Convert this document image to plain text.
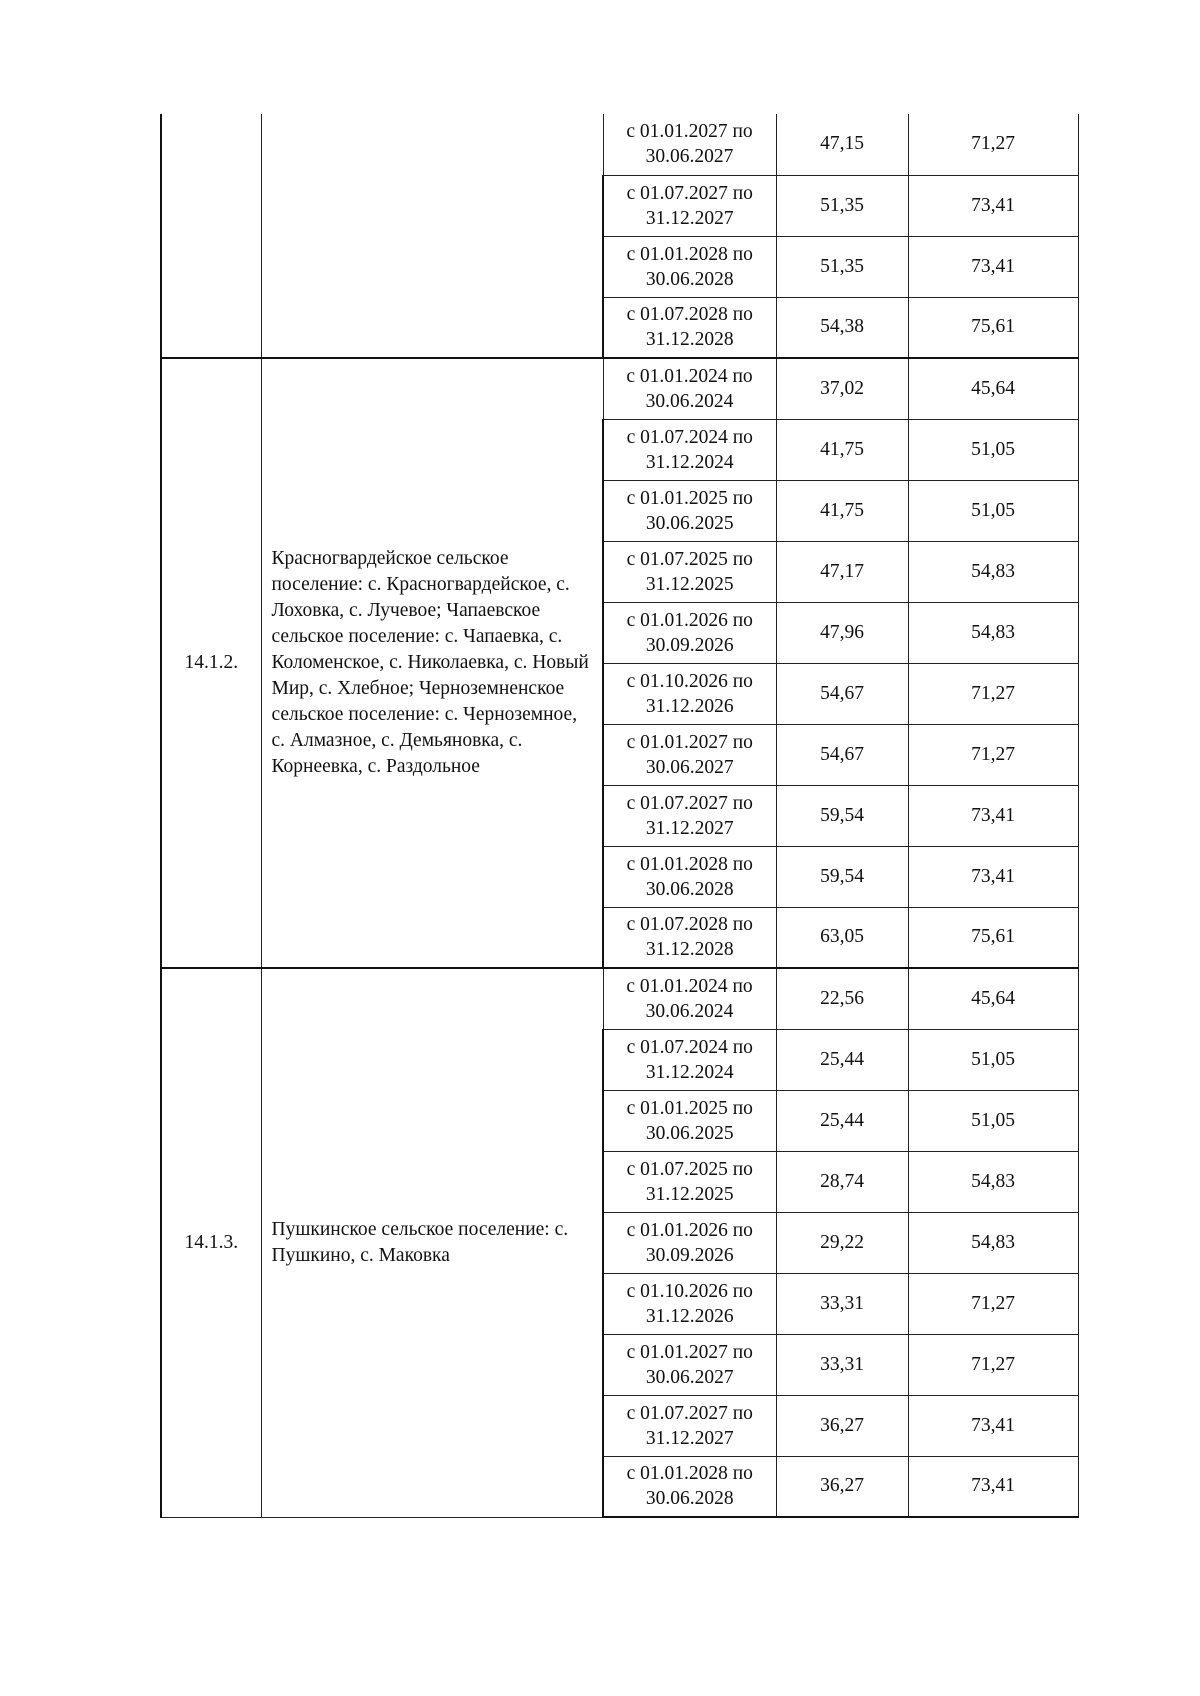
		с 01.01.2027 по 30.06.2027	47,15	71,27
		с 01.07.2027 по 31.12.2027	51,35	73,41
		с 01.01.2028 по 30.06.2028	51,35	73,41
		с 01.07.2028 по 31.12.2028	54,38	75,61
14.1.2.	Красногвардейское сельское поселение: с. Красногвардейское, с. Лоховка, с. Лучевое; Чапаевское сельское поселение: с. Чапаевка, с. Коломенское, с. Николаевка, с. Новый Мир, с. Хлебное; Черноземненское сельское поселение: с. Черноземное, с. Алмазное, с. Демьяновка, с. Корнеевка, с. Раздольное	с 01.01.2024 по 30.06.2024	37,02	45,64
		с 01.07.2024 по 31.12.2024	41,75	51,05
		с 01.01.2025 по 30.06.2025	41,75	51,05
		с 01.07.2025 по 31.12.2025	47,17	54,83
		с 01.01.2026 по 30.09.2026	47,96	54,83
		с 01.10.2026 по 31.12.2026	54,67	71,27
		с 01.01.2027 по 30.06.2027	54,67	71,27
		с 01.07.2027 по 31.12.2027	59,54	73,41
		с 01.01.2028 по 30.06.2028	59,54	73,41
		с 01.07.2028 по 31.12.2028	63,05	75,61
14.1.3.	Пушкинское сельское поселение: с. Пушкино, с. Маковка	с 01.01.2024 по 30.06.2024	22,56	45,64
		с 01.07.2024 по 31.12.2024	25,44	51,05
		с 01.01.2025 по 30.06.2025	25,44	51,05
		с 01.07.2025 по 31.12.2025	28,74	54,83
		с 01.01.2026 по 30.09.2026	29,22	54,83
		с 01.10.2026 по 31.12.2026	33,31	71,27
		с 01.01.2027 по 30.06.2027	33,31	71,27
		с 01.07.2027 по 31.12.2027	36,27	73,41
		с 01.01.2028 по 30.06.2028	36,27	73,41
